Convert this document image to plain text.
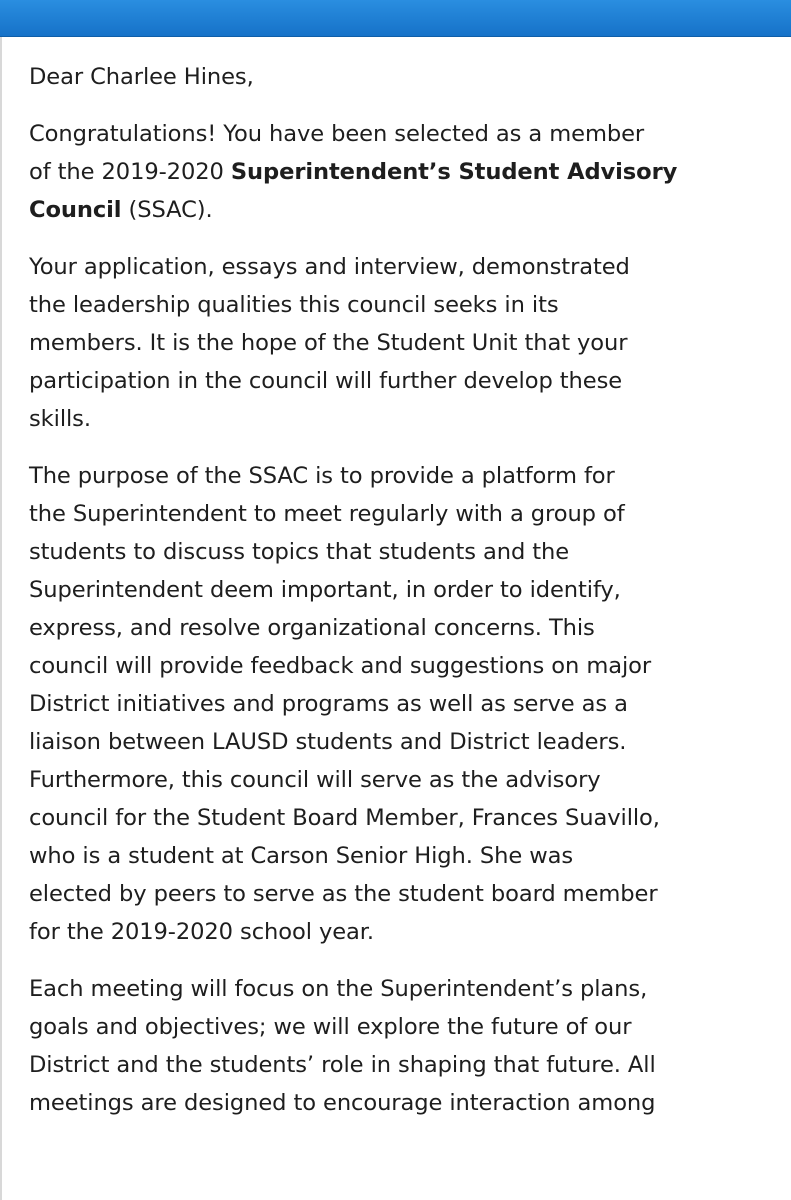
Dear Charlee Hines,

Congratulations! You have been selected as a member
of the 2019-2020 Superintendent’s Student Advisory
Council (SSAC).

Your application, essays and interview, demonstrated
the leadership qualities this council seeks in its
members. It is the hope of the Student Unit that your
participation in the council will further develop these
skills.

The purpose of the SSAC is to provide a platform for
the Superintendent to meet regularly with a group of
students to discuss topics that students and the
Superintendent deem important, in order to identify,
express, and resolve organizational concerns. This
council will provide feedback and suggestions on major
District initiatives and programs as well as serve as a
liaison between LAUSD students and District leaders.
Furthermore, this council will serve as the advisory
council for the Student Board Member, Frances Suavillo,
who is a student at Carson Senior High. She was
elected by peers to serve as the student board member
for the 2019-2020 school year.

Each meeting will focus on the Superintendent’s plans,
goals and objectives; we will explore the future of our
District and the students’ role in shaping that future. All
meetings are designed to encourage interaction among
